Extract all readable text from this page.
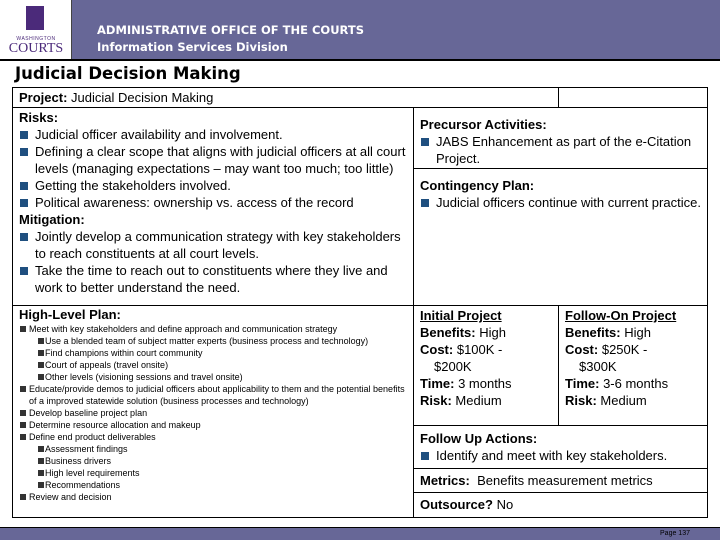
WASHINGTON
COURTS
ADMINISTRATIVE OFFICE OF THE COURTS
Information Services Division
Judicial Decision Making
Project: Judicial Decision Making
Risks:
Judicial officer availability and involvement.
Defining a clear scope that aligns with judicial officers at all court levels (managing expectations – may want too much; too little)
Getting the stakeholders involved.
Political awareness: ownership vs. access of the record
Mitigation:
Jointly develop a communication strategy with key stakeholders to reach constituents at all court levels.
Take the time to reach out to constituents where they live and work to better understand the need.
High-Level Plan:
Meet with key stakeholders and define approach and communication strategy
Use a blended team of subject matter experts (business process and technology)
Find champions within court community
Court of appeals (travel onsite)
Other levels (visioning sessions and travel onsite)
Educate/provide demos to judicial officers about applicability to them and the potential benefits of a improved statewide solution (business processes and technology)
Develop baseline project plan
Determine resource allocation and makeup
Define end product deliverables
Assessment findings
Business drivers
High level requirements
Recommendations
Review and decision
Precursor Activities:
JABS Enhancement as part of the e-Citation Project.
Contingency Plan:
Judicial officers continue with current practice.
Initial Project
Benefits: High
Cost: $100K -
$200K
Time: 3 months
Risk: Medium
Follow-On Project
Benefits: High
Cost: $250K -
$300K
Time: 3-6 months
Risk: Medium
Follow Up Actions:
Identify and meet with key stakeholders.
Metrics: Benefits measurement metrics
Outsource? No
Page 137
